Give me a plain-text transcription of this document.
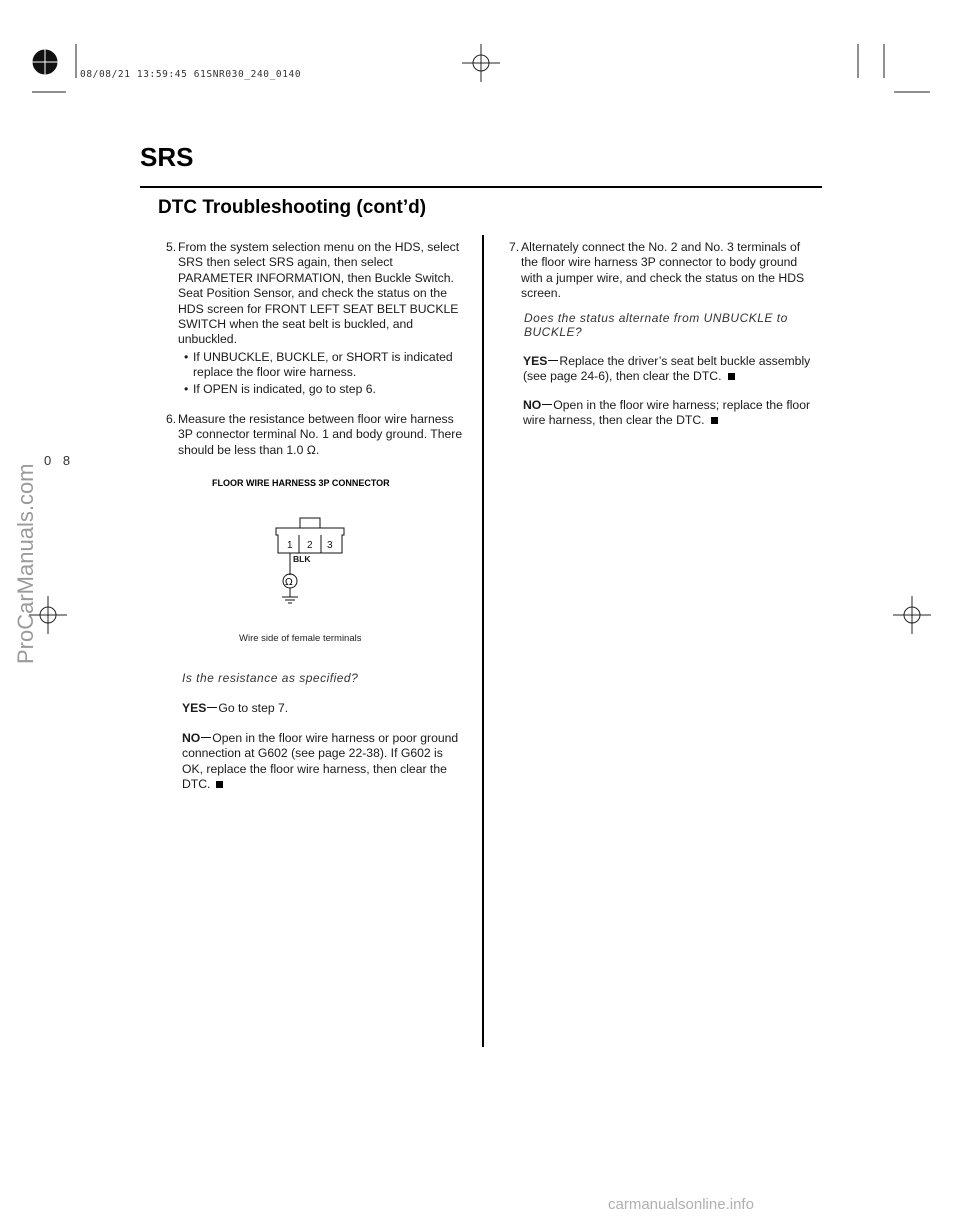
08/08/21 13:59:45 61SNR030_240_0140
SRS
DTC Troubleshooting (cont’d)
0 8
5. From the system selection menu on the HDS, select SRS then select SRS again, then select PARAMETER INFORMATION, then Buckle Switch. Seat Position Sensor, and check the status on the HDS screen for FRONT LEFT SEAT BELT BUCKLE SWITCH when the seat belt is buckled, and unbuckled.
• If UNBUCKLE, BUCKLE, or SHORT is indicated replace the floor wire harness.
• If OPEN is indicated, go to step 6.
6. Measure the resistance between floor wire harness 3P connector terminal No. 1 and body ground. There should be less than 1.0 Ω.
FLOOR WIRE HARNESS 3P CONNECTOR
1 2 3
BLK
Ω
Wire side of female terminals
Is the resistance as specified?
YES Go to step 7.
NO Open in the floor wire harness or poor ground connection at G602 (see page 22-38). If G602 is OK, replace the floor wire harness, then clear the DTC.
7. Alternately connect the No. 2 and No. 3 terminals of the floor wire harness 3P connector to body ground with a jumper wire, and check the status on the HDS screen.
Does the status alternate from UNBUCKLE to BUCKLE?
YES Replace the driver’s seat belt buckle assembly (see page 24-6), then clear the DTC.
NO Open in the floor wire harness; replace the floor wire harness, then clear the DTC.
ProCarManuals.com
carmanualsonline.info
